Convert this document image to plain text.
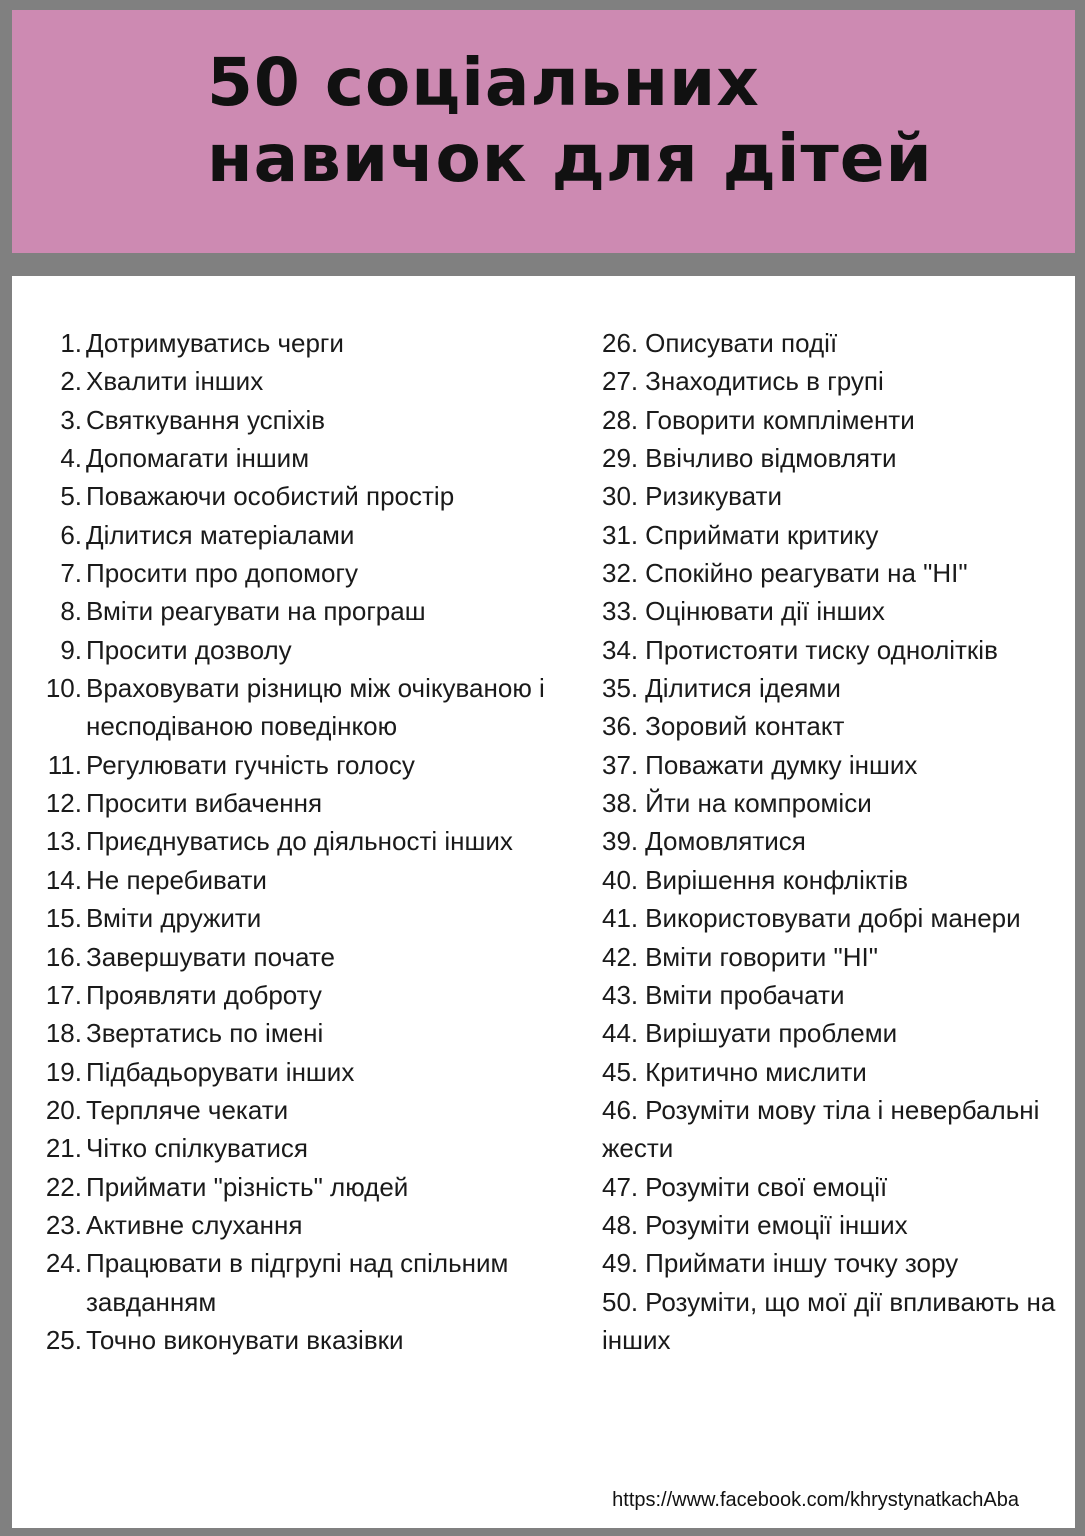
50 соціальних
навичок для дітей
1. Дотримуватись черги
2. Хвалити інших
3. Святкування успіхів
4. Допомагати іншим
5. Поважаючи особистий простір
6. Ділитися матеріалами
7. Просити про допомогу
8. Вміти реагувати на програш
9. Просити дозволу
10. Враховувати різницю між очікуваною і несподіваною поведінкою
11. Регулювати гучність голосу
12. Просити вибачення
13. Приєднуватись до діяльності інших
14. Не перебивати
15. Вміти дружити
16. Завершувати почате
17. Проявляти доброту
18. Звертатись по імені
19. Підбадьорувати інших
20. Терпляче чекати
21. Чітко спілкуватися
22. Приймати "різність" людей
23. Активне слухання
24. Працювати в підгрупі над спільним завданням
25. Точно виконувати вказівки
26. Описувати події
27. Знаходитись в групі
28. Говорити компліменти
29. Ввічливо відмовляти
30. Ризикувати
31. Сприймати критику
32. Спокійно реагувати на "НІ"
33. Оцінювати дії інших
34. Протистояти тиску однолітків
35. Ділитися ідеями
36. Зоровий контакт
37. Поважати думку інших
38. Йти на компроміси
39. Домовлятися
40. Вирішення конфліктів
41. Використовувати добрі манери
42. Вміти говорити "НІ"
43. Вміти пробачати
44. Вирішуати проблеми
45. Критично мислити
46. Розуміти мову тіла і невербальні жести
47. Розуміти свої емоції
48. Розуміти емоції інших
49. Приймати іншу точку зору
50. Розуміти, що мої дії впливають на інших
https://www.facebook.com/khrystynatkachAba
